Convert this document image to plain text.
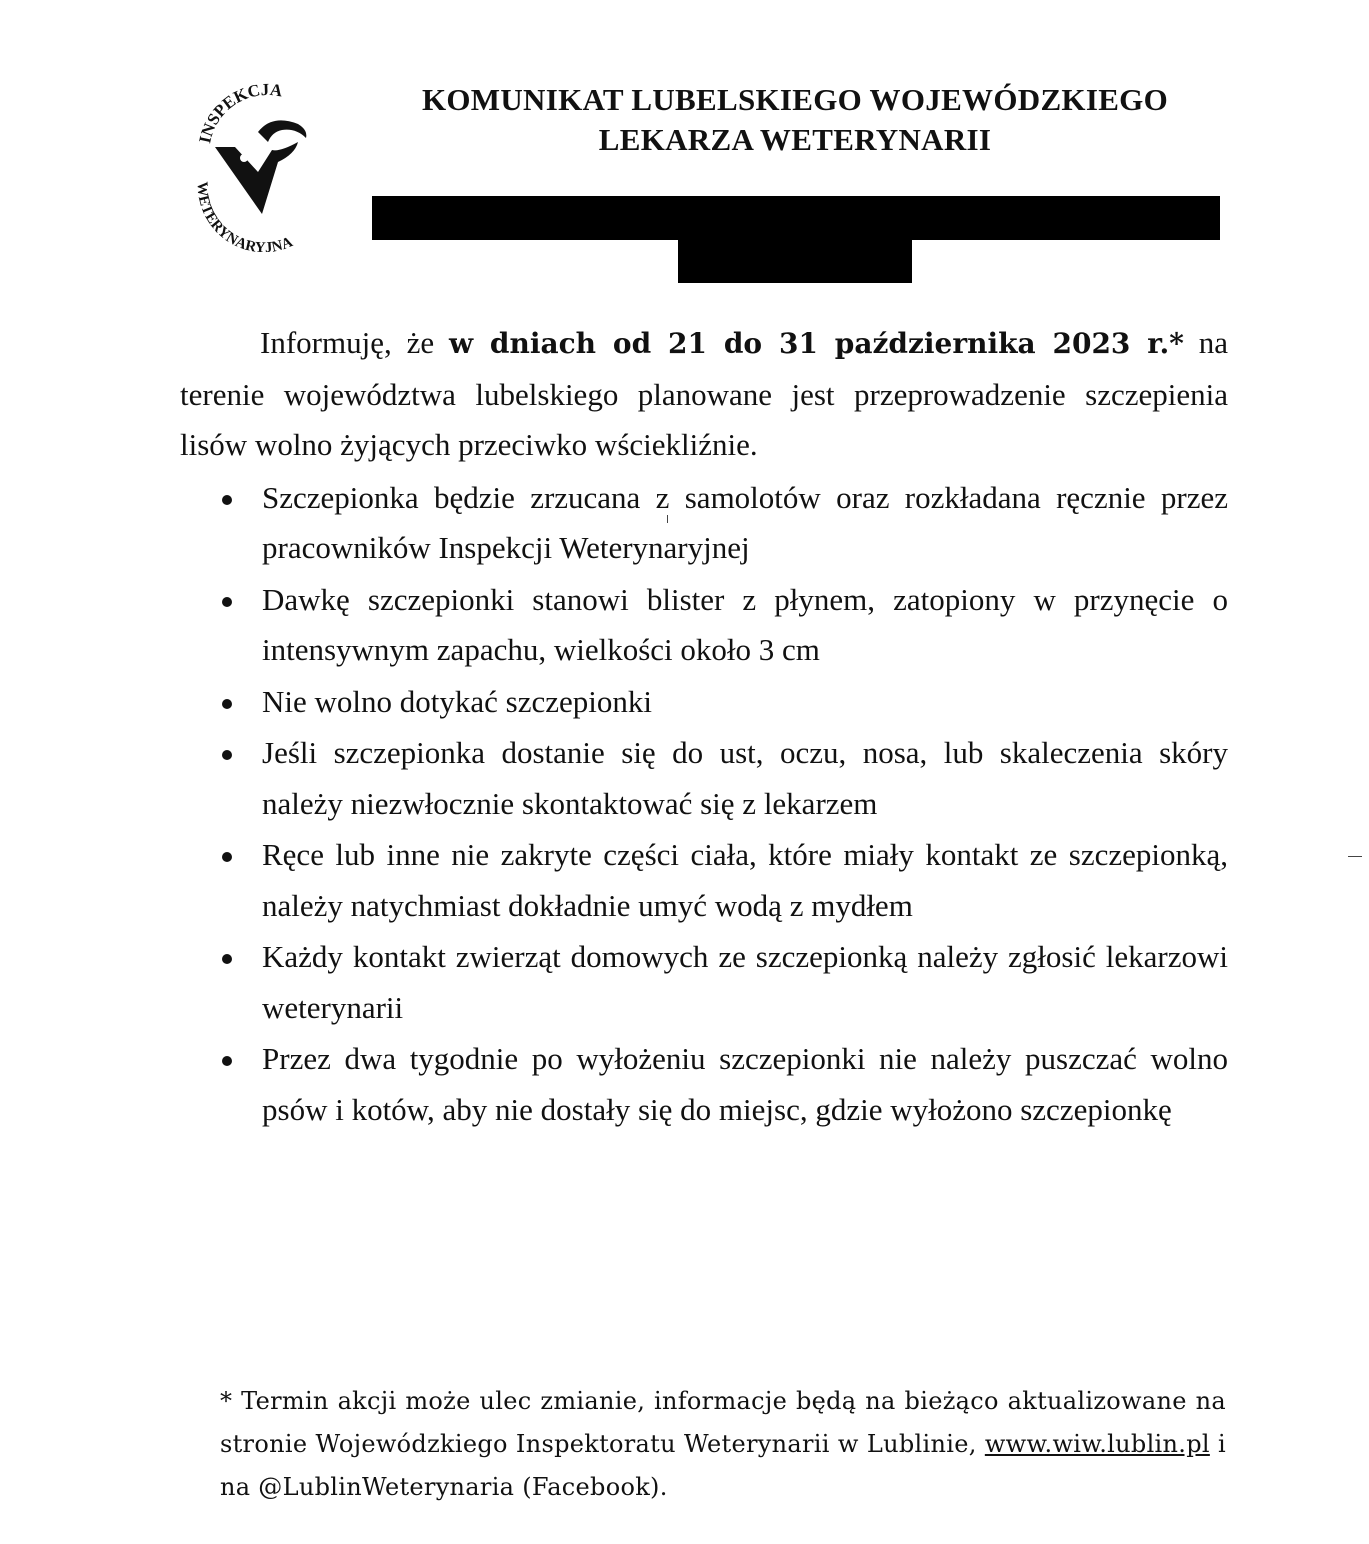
INSPEKCJA
WETERYNARYJNA
KOMUNIKAT LUBELSKIEGO WOJEWÓDZKIEGO
LEKARZA WETERYNARII

Informuję, że w dniach od 21 do 31 października 2023 r.* na terenie województwa lubelskiego planowane jest przeprowadzenie szczepienia lisów wolno żyjących przeciwko wściekliźnie.

Szczepionka będzie zrzucana z samolotów oraz rozkładana ręcznie przez pracowników Inspekcji Weterynaryjnej
Dawkę szczepionki stanowi blister z płynem, zatopiony w przynęcie o intensywnym zapachu, wielkości około 3 cm
Nie wolno dotykać szczepionki
Jeśli szczepionka dostanie się do ust, oczu, nosa, lub skaleczenia skóry należy niezwłocznie skontaktować się z lekarzem
Ręce lub inne nie zakryte części ciała, które miały kontakt ze szczepionką, należy natychmiast dokładnie umyć wodą z mydłem
Każdy kontakt zwierząt domowych ze szczepionką należy zgłosić lekarzowi weterynarii
Przez dwa tygodnie po wyłożeniu szczepionki nie należy puszczać wolno psów i kotów, aby nie dostały się do miejsc, gdzie wyłożono szczepionkę
* Termin akcji może ulec zmianie, informacje będą na bieżąco aktualizowane na stronie Wojewódzkiego Inspektoratu Weterynarii w Lublinie, www.wiw.lublin.pl i na @LublinWeterynaria (Facebook).
